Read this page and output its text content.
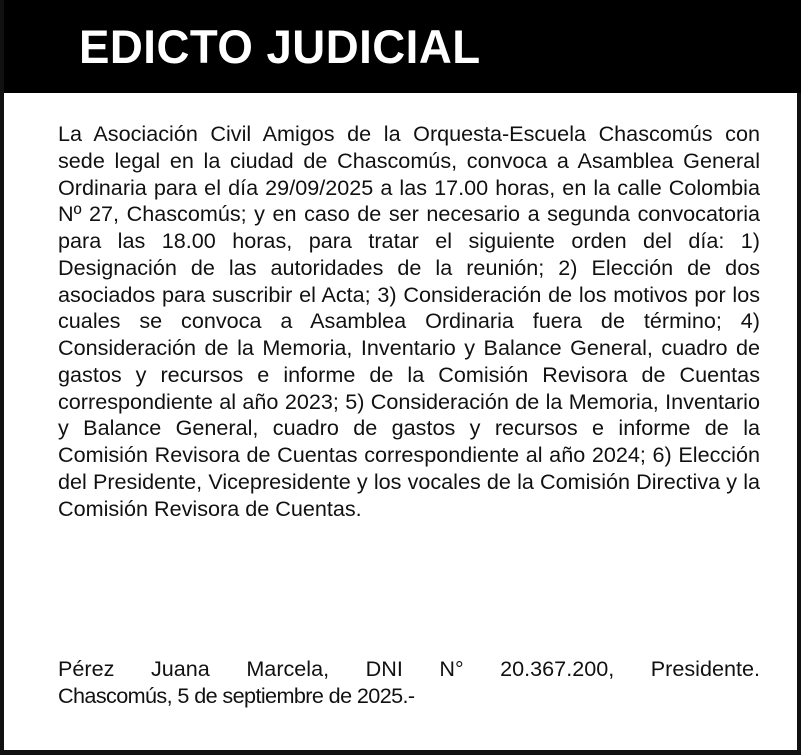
EDICTO JUDICIAL

La Asociación Civil Amigos de la Orquesta-Escuela Chascomús con sede legal en la ciudad de Chascomús, convoca a Asamblea General Ordinaria para el día 29/09/2025 a las 17.00 horas, en la calle Colombia Nº 27, Chascomús; y en caso de ser necesario a segunda convocatoria para las 18.00 horas, para tratar el siguiente orden del día: 1) Designación de las autoridades de la reunión; 2) Elección de dos asociados para suscribir el Acta; 3) Consideración de los motivos por los cuales se convoca a Asamblea Ordinaria fuera de término; 4) Consideración de la Memoria, Inventario y Balance General, cuadro de gastos y recursos e informe de la Comisión Revisora de Cuentas correspondiente al año 2023; 5) Consideración de la Memoria, Inventario y Balance General, cuadro de gastos y recursos e informe de la Comisión Revisora de Cuentas correspondiente al año 2024; 6) Elección del Presidente, Vicepresidente y los vocales de la Comisión Directiva y la Comisión Revisora de Cuentas.

Pérez Juana Marcela, DNI N° 20.367.200, Presidente.
Chascomús, 5 de septiembre de 2025.-
